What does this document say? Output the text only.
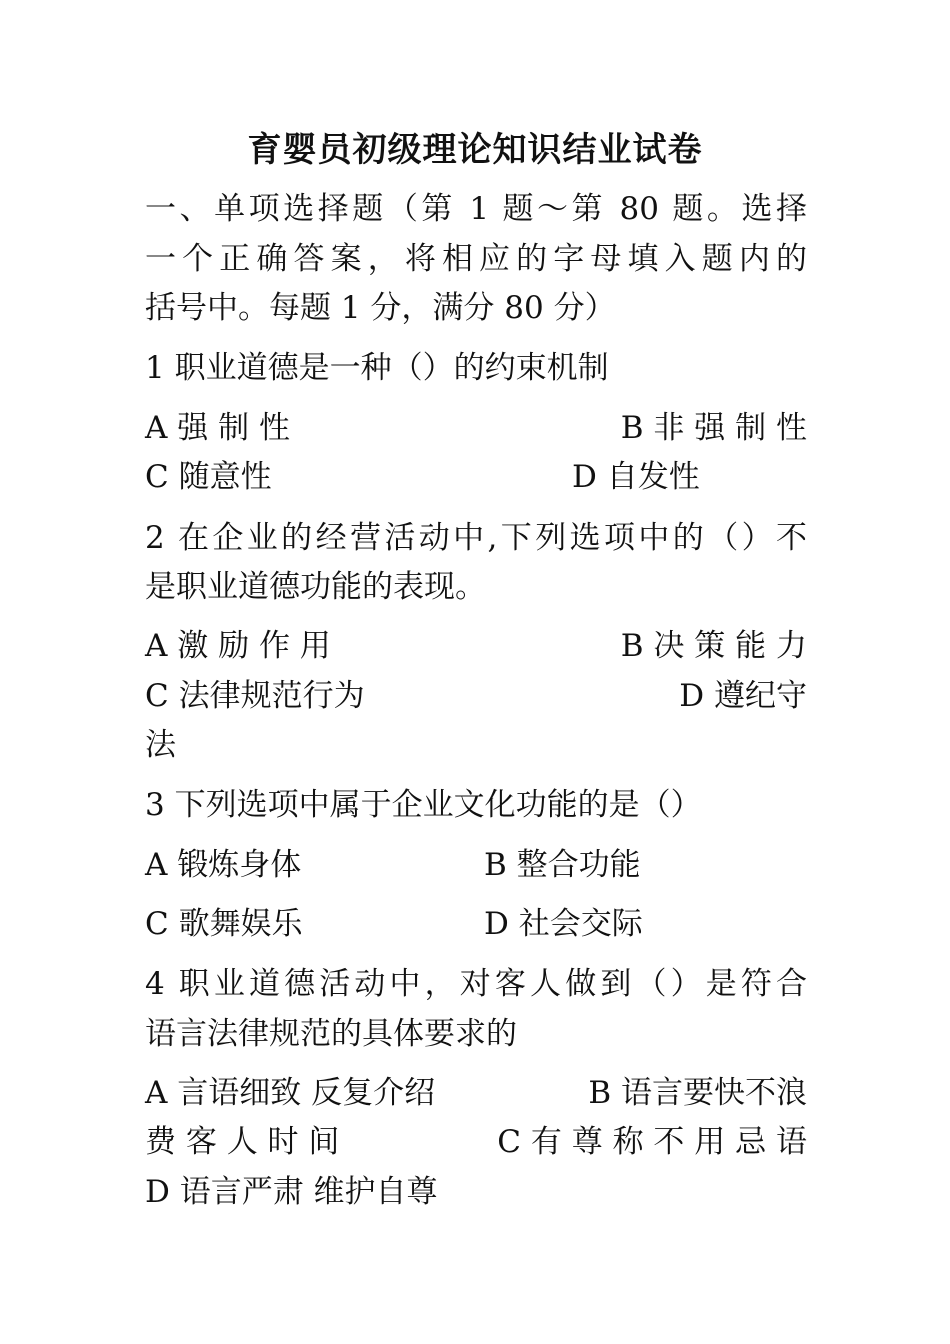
育婴员初级理论知识结业试卷
一、单项选择题（第 1 题～第 80 题。选择
一个正确答案，将相应的字母填入题内的
括号中。每题 1 分，满分 80 分）
1 职业道德是一种（）的约束机制
A 强 制 性	B 非 强 制 性
C 随意性	D 自发性
2 在企业的经营活动中,下列选项中的（）不
是职业道德功能的表现。
A 激 励 作 用	B 决 策 能 力
C 法律规范行为	D 遵纪守
法
3 下列选项中属于企业文化功能的是（）
A 锻炼身体	B 整合功能
C 歌舞娱乐	D 社会交际
4 职业道德活动中，对客人做到（）是符合
语言法律规范的具体要求的
A 言语细致 反复介绍	B 语言要快不浪
费 客 人 时 间	C 有 尊 称 不 用 忌 语
D 语言严肃 维护自尊
